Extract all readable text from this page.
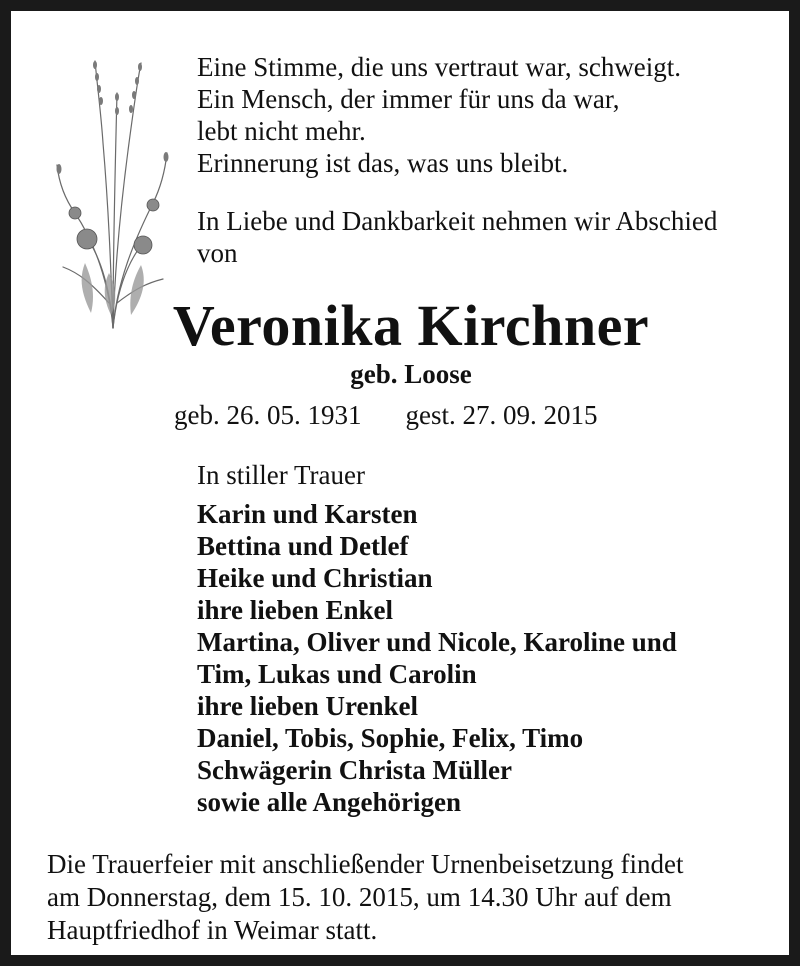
Eine Stimme, die uns vertraut war, schweigt.
Ein Mensch, der immer für uns da war,
lebt nicht mehr.
Erinnerung ist das, was uns bleibt.
In Liebe und Dankbarkeit nehmen wir Abschied
von
Veronika Kirchner
geb. Loose
geb. 26. 05. 1931 gest. 27. 09. 2015
In stiller Trauer
Karin und Karsten
Bettina und Detlef
Heike und Christian
ihre lieben Enkel
Martina, Oliver und Nicole, Karoline und
Tim, Lukas und Carolin
ihre lieben Urenkel
Daniel, Tobis, Sophie, Felix, Timo
Schwägerin Christa Müller
sowie alle Angehörigen
Die Trauerfeier mit anschließender Urnenbeisetzung findet
am Donnerstag, dem 15. 10. 2015, um 14.30 Uhr auf dem
Hauptfriedhof in Weimar statt.
